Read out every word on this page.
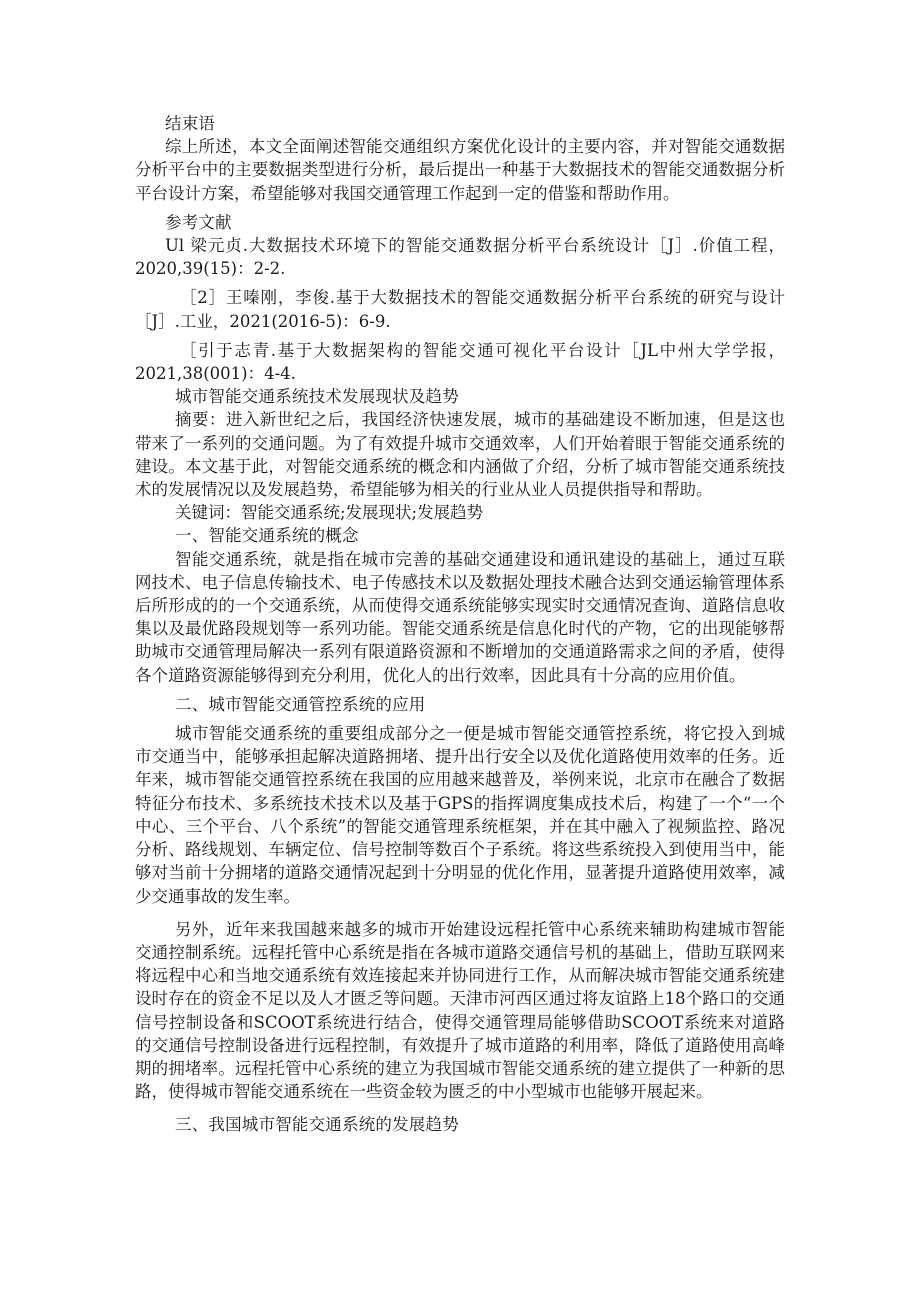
结束语

综上所述，本文全面阐述智能交通组织方案优化设计的主要内容，并对智能交通数据分析平台中的主要数据类型进行分析，最后提出一种基于大数据技术的智能交通数据分析平台设计方案，希望能够对我国交通管理工作起到一定的借鉴和帮助作用。

参考文献

Ul 梁元贞.大数据技术环境下的智能交通数据分析平台系统设计［J］.价值工程，2020,39(15)：2-2.

［2］王嗪刚，李俊.基于大数据技术的智能交通数据分析平台系统的研究与设计［J］.工业，2021(2016-5)：6-9.

［引于志青.基于大数据架构的智能交通可视化平台设计［JL中州大学学报，2021,38(001)：4-4.

城市智能交通系统技术发展现状及趋势

摘要：进入新世纪之后，我国经济快速发展，城市的基础建设不断加速，但是这也带来了一系列的交通问题。为了有效提升城市交通效率，人们开始着眼于智能交通系统的建设。本文基于此，对智能交通系统的概念和内涵做了介绍，分析了城市智能交通系统技术的发展情况以及发展趋势，希望能够为相关的行业从业人员提供指导和帮助。

关键词：智能交通系统;发展现状;发展趋势

一、智能交通系统的概念

智能交通系统，就是指在城市完善的基础交通建设和通讯建设的基础上，通过互联网技术、电子信息传输技术、电子传感技术以及数据处理技术融合达到交通运输管理体系后所形成的的一个交通系统，从而使得交通系统能够实现实时交通情况查询、道路信息收集以及最优路段规划等一系列功能。智能交通系统是信息化时代的产物，它的出现能够帮助城市交通管理局解决一系列有限道路资源和不断增加的交通道路需求之间的矛盾，使得各个道路资源能够得到充分利用，优化人的出行效率，因此具有十分高的应用价值。

二、城市智能交通管控系统的应用

城市智能交通系统的重要组成部分之一便是城市智能交通管控系统，将它投入到城市交通当中，能够承担起解决道路拥堵、提升出行安全以及优化道路使用效率的任务。近年来，城市智能交通管控系统在我国的应用越来越普及，举例来说，北京市在融合了数据特征分布技术、多系统技术技术以及基于GPS的指挥调度集成技术后，构建了一个“一个中心、三个平台、八个系统”的智能交通管理系统框架，并在其中融入了视频监控、路况分析、路线规划、车辆定位、信号控制等数百个子系统。将这些系统投入到使用当中，能够对当前十分拥堵的道路交通情况起到十分明显的优化作用，显著提升道路使用效率，减少交通事故的发生率。

另外，近年来我国越来越多的城市开始建设远程托管中心系统来辅助构建城市智能交通控制系统。远程托管中心系统是指在各城市道路交通信号机的基础上，借助互联网来将远程中心和当地交通系统有效连接起来并协同进行工作，从而解决城市智能交通系统建设时存在的资金不足以及人才匮乏等问题。天津市河西区通过将友谊路上18个路口的交通信号控制设备和SCOOT系统进行结合，使得交通管理局能够借助SCOOT系统来对道路的交通信号控制设备进行远程控制，有效提升了城市道路的利用率，降低了道路使用高峰期的拥堵率。远程托管中心系统的建立为我国城市智能交通系统的建立提供了一种新的思路，使得城市智能交通系统在一些资金较为匮乏的中小型城市也能够开展起来。

三、我国城市智能交通系统的发展趋势
